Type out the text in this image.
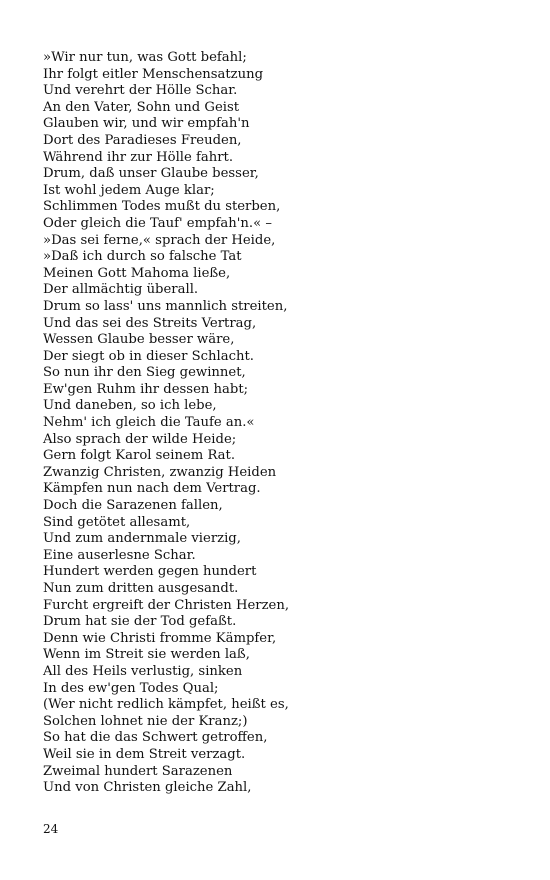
»Wir nur tun, was Gott befahl;
Ihr folgt eitler Menschensatzung
Und verehrt der Hölle Schar.
An den Vater, Sohn und Geist
Glauben wir, und wir empfah'n
Dort des Paradieses Freuden,
Während ihr zur Hölle fahrt.
Drum, daß unser Glaube besser,
Ist wohl jedem Auge klar;
Schlimmen Todes mußt du sterben,
Oder gleich die Tauf' empfah'n.« –
»Das sei ferne,« sprach der Heide,
»Daß ich durch so falsche Tat
Meinen Gott Mahoma ließe,
Der allmächtig überall.
Drum so lass' uns mannlich streiten,
Und das sei des Streits Vertrag,
Wessen Glaube besser wäre,
Der siegt ob in dieser Schlacht.
So nun ihr den Sieg gewinnet,
Ew'gen Ruhm ihr dessen habt;
Und daneben, so ich lebe,
Nehm' ich gleich die Taufe an.«
Also sprach der wilde Heide;
Gern folgt Karol seinem Rat.
Zwanzig Christen, zwanzig Heiden
Kämpfen nun nach dem Vertrag.
Doch die Sarazenen fallen,
Sind getötet allesamt,
Und zum andernmale vierzig,
Eine auserlesne Schar.
Hundert werden gegen hundert
Nun zum dritten ausgesandt.
Furcht ergreift der Christen Herzen,
Drum hat sie der Tod gefaßt.
Denn wie Christi fromme Kämpfer,
Wenn im Streit sie werden laß,
All des Heils verlustig, sinken
In des ew'gen Todes Qual;
(Wer nicht redlich kämpfet, heißt es,
Solchen lohnet nie der Kranz;)
So hat die das Schwert getroffen,
Weil sie in dem Streit verzagt.
Zweimal hundert Sarazenen
Und von Christen gleiche Zahl,
24
